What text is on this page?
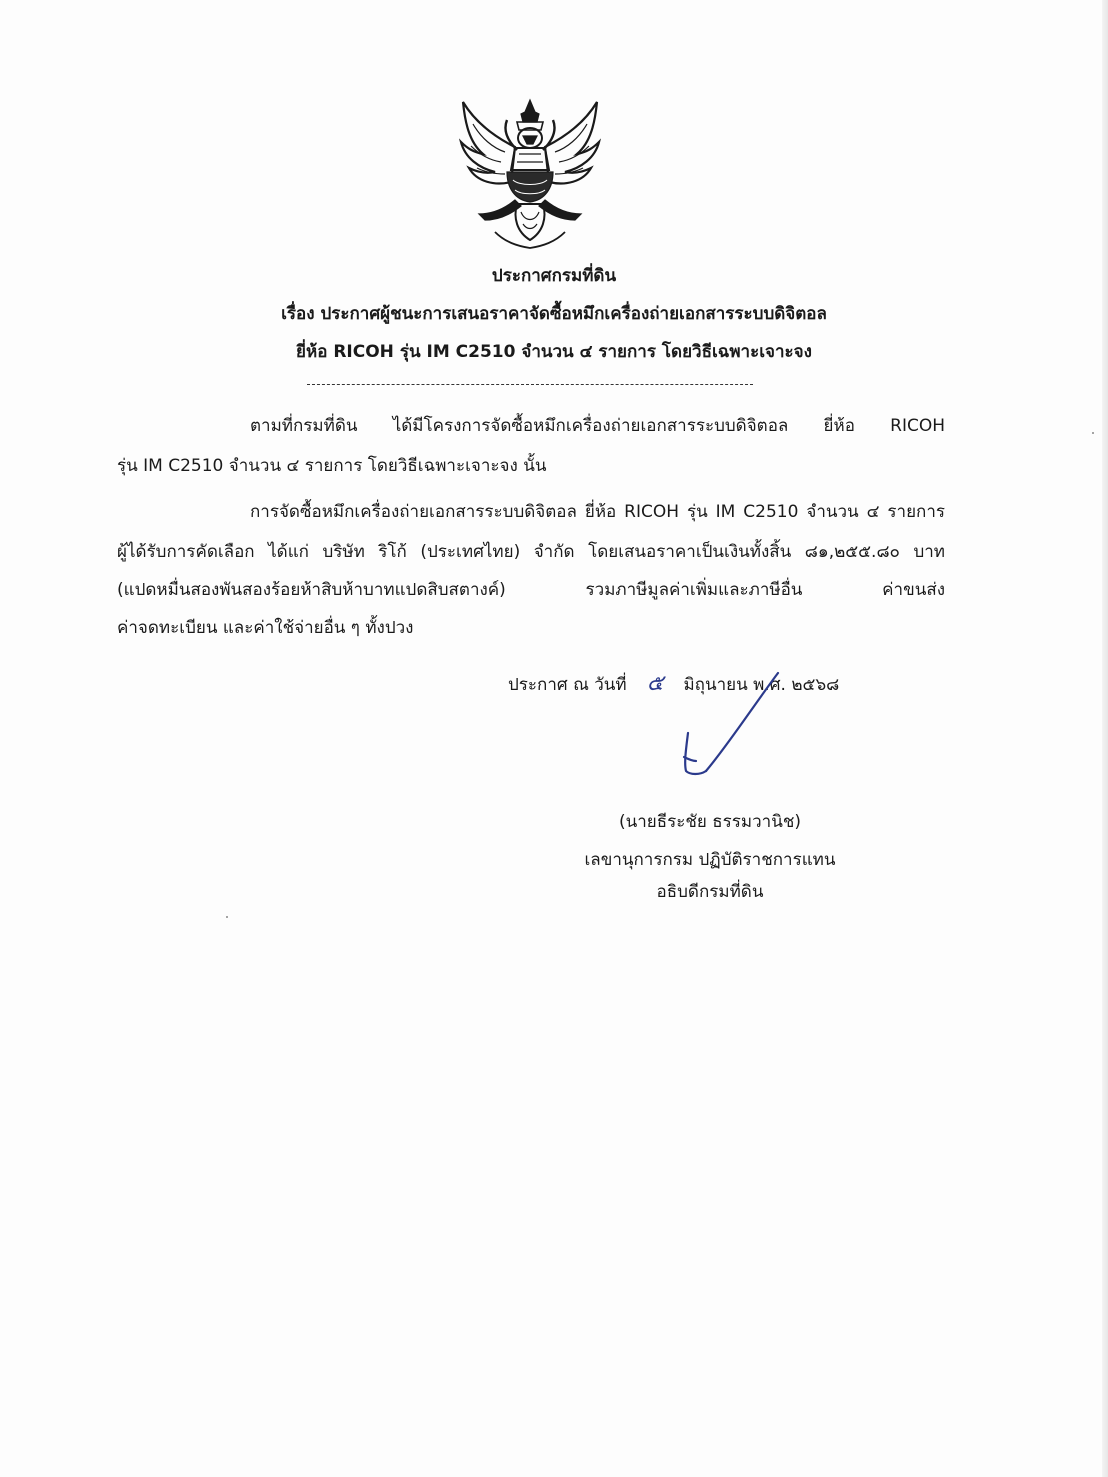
ประกาศกรมที่ดิน
เรื่อง ประกาศผู้ชนะการเสนอราคาจัดซื้อหมึกเครื่องถ่ายเอกสารระบบดิจิตอล
ยี่ห้อ RICOH รุ่น IM C2510 จำนวน ๔ รายการ โดยวิธีเฉพาะเจาะจง
ตามที่กรมที่ดิน ได้มีโครงการจัดซื้อหมึกเครื่องถ่ายเอกสารระบบดิจิตอล ยี่ห้อ RICOH
รุ่น IM C2510 จำนวน ๔ รายการ โดยวิธีเฉพาะเจาะจง นั้น
การจัดซื้อหมึกเครื่องถ่ายเอกสารระบบดิจิตอล ยี่ห้อ RICOH รุ่น IM C2510 จำนวน ๔ รายการ
ผู้ได้รับการคัดเลือก ได้แก่ บริษัท ริโก้ (ประเทศไทย) จำกัด โดยเสนอราคาเป็นเงินทั้งสิ้น ๘๑,๒๕๕.๘๐ บาท
(แปดหมื่นสองพันสองร้อยห้าสิบห้าบาทแปดสิบสตางค์) รวมภาษีมูลค่าเพิ่มและภาษีอื่น ค่าขนส่ง
ค่าจดทะเบียน และค่าใช้จ่ายอื่น ๆ ทั้งปวง
ประกาศ ณ วันที่ ๕ มิถุนายน พ.ศ. ๒๕๖๘
(นายธีระชัย ธรรมวานิช)
เลขานุการกรม ปฏิบัติราชการแทน
อธิบดีกรมที่ดิน
